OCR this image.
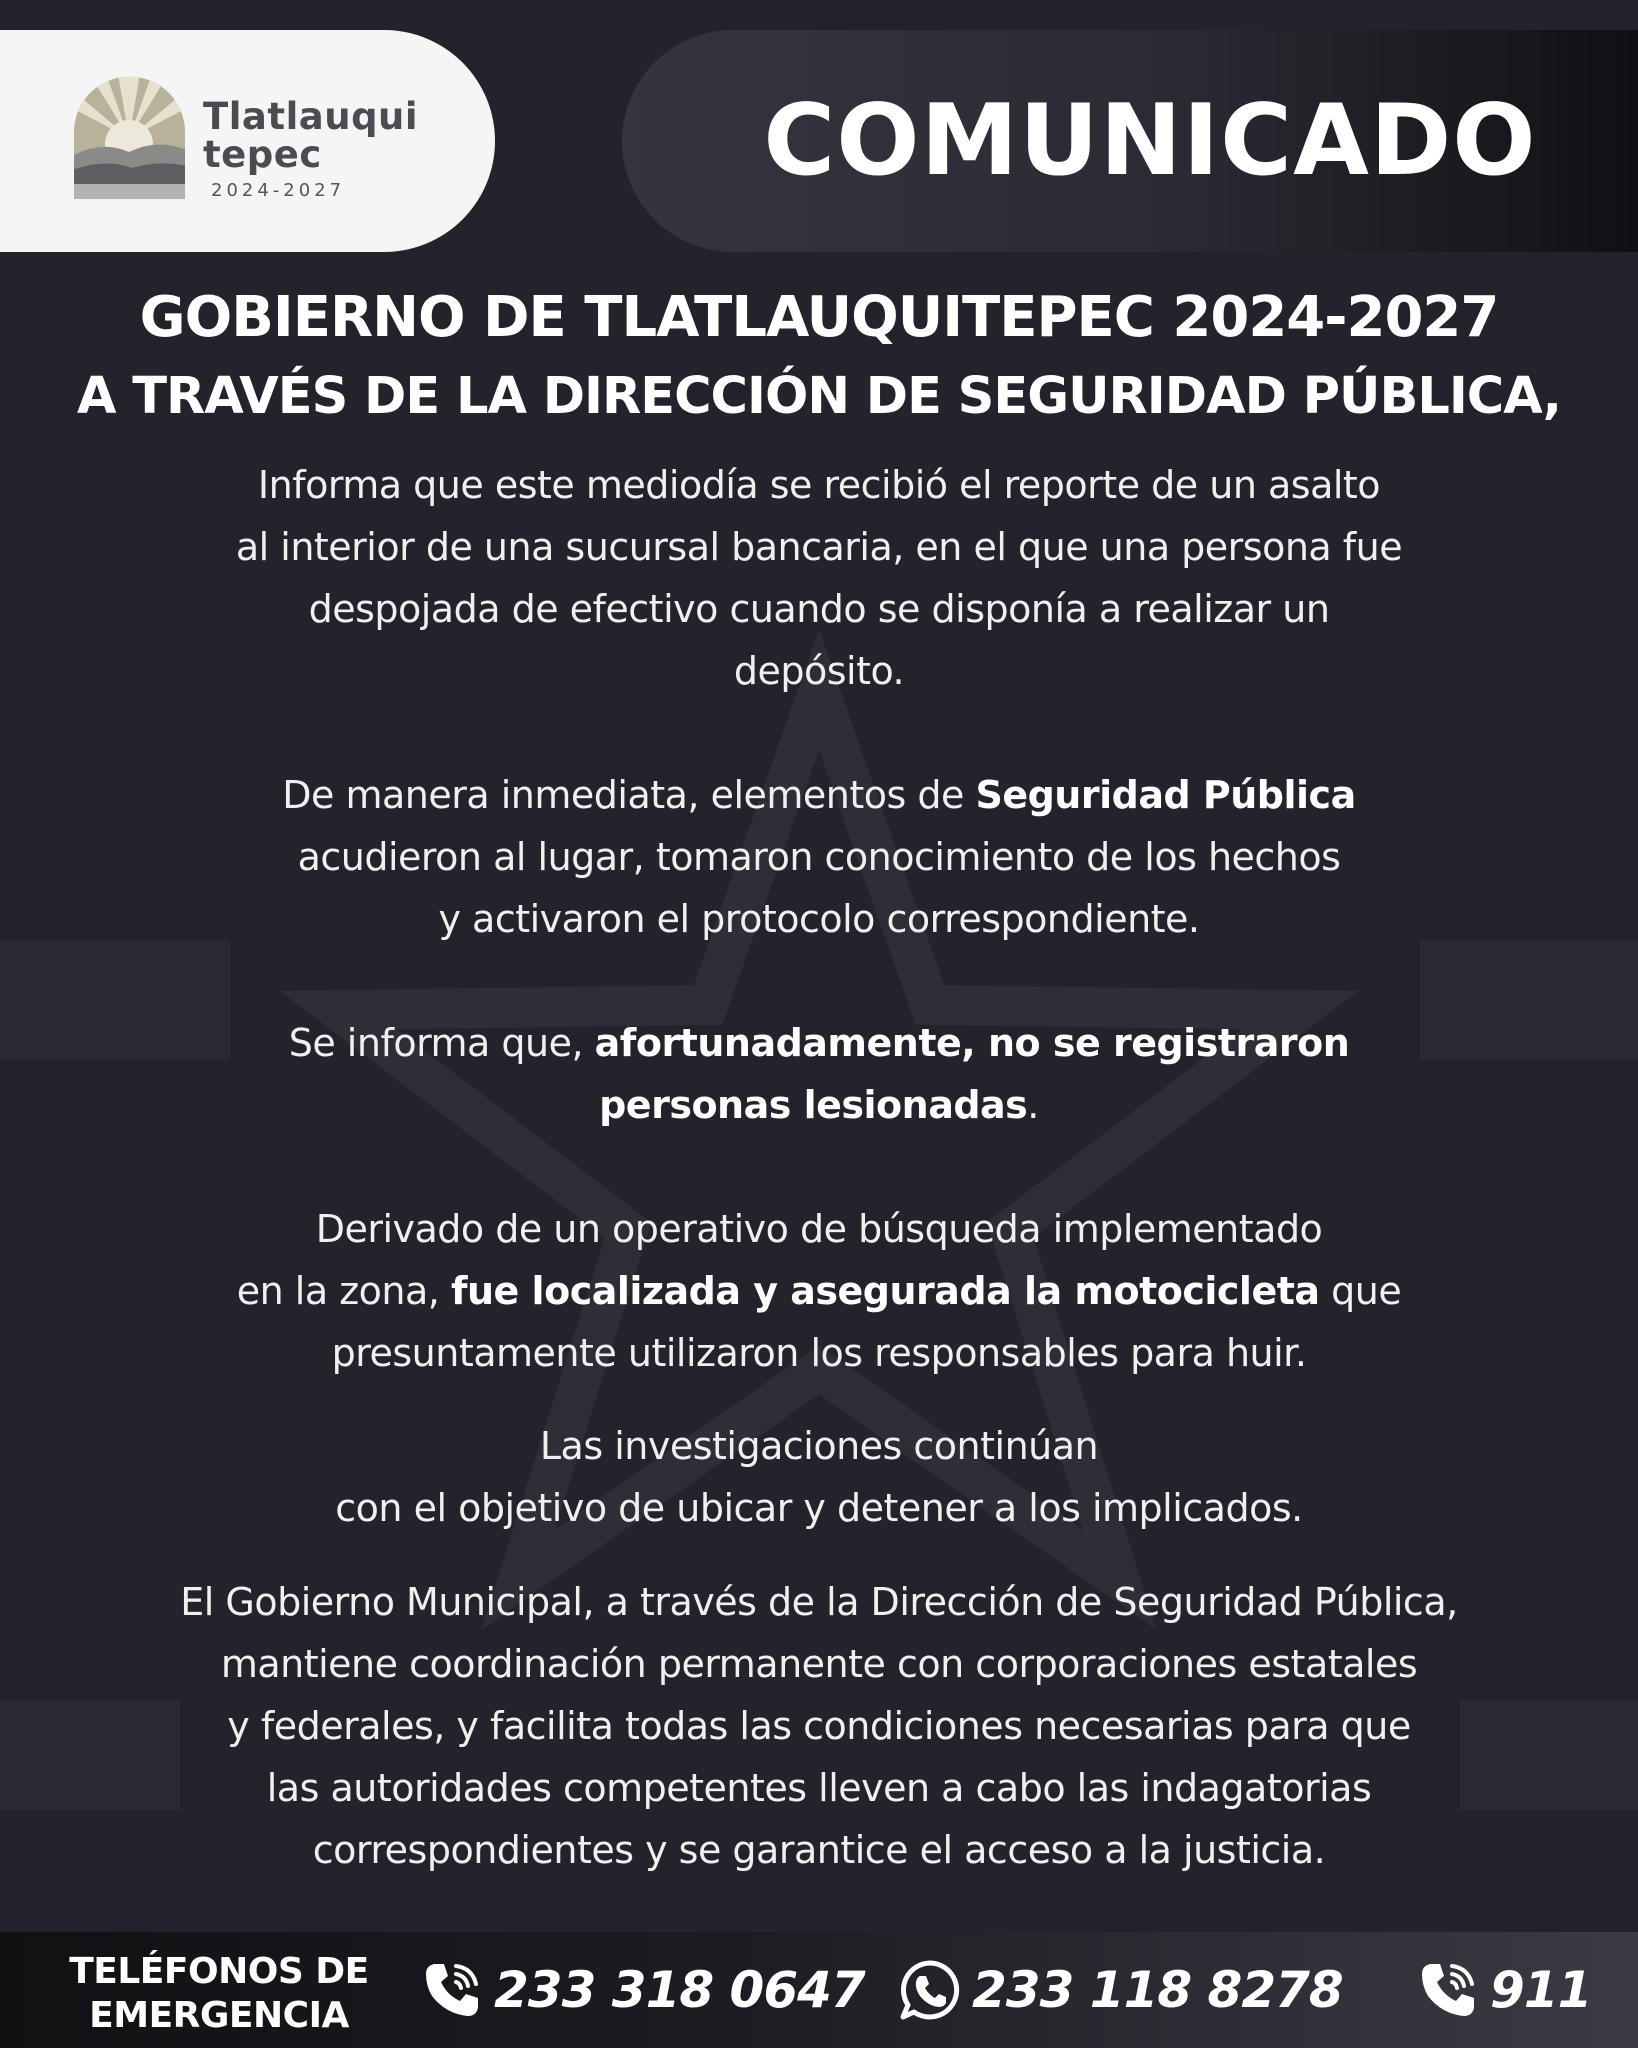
Tlatlauqui
tepec
2024-2027	COMUNICADO
GOBIERNO DE TLATLAUQUITEPEC 2024-2027
A TRAVÉS DE LA DIRECCIÓN DE SEGURIDAD PÚBLICA,
Informa que este mediodía se recibió el reporte de un asalto
al interior de una sucursal bancaria, en el que una persona fue
despojada de efectivo cuando se disponía a realizar un
depósito.
De manera inmediata, elementos de Seguridad Pública
acudieron al lugar, tomaron conocimiento de los hechos
y activaron el protocolo correspondiente.
Se informa que, afortunadamente, no se registraron
personas lesionadas.
Derivado de un operativo de búsqueda implementado
en la zona, fue localizada y asegurada la motocicleta que
presuntamente utilizaron los responsables para huir.
Las investigaciones continúan
con el objetivo de ubicar y detener a los implicados.
El Gobierno Municipal, a través de la Dirección de Seguridad Pública,
mantiene coordinación permanente con corporaciones estatales
y federales, y facilita todas las condiciones necesarias para que
las autoridades competentes lleven a cabo las indagatorias
correspondientes y se garantice el acceso a la justicia.
TELÉFONOS DE
EMERGENCIA	233 318 0647 233 118 8278	911
